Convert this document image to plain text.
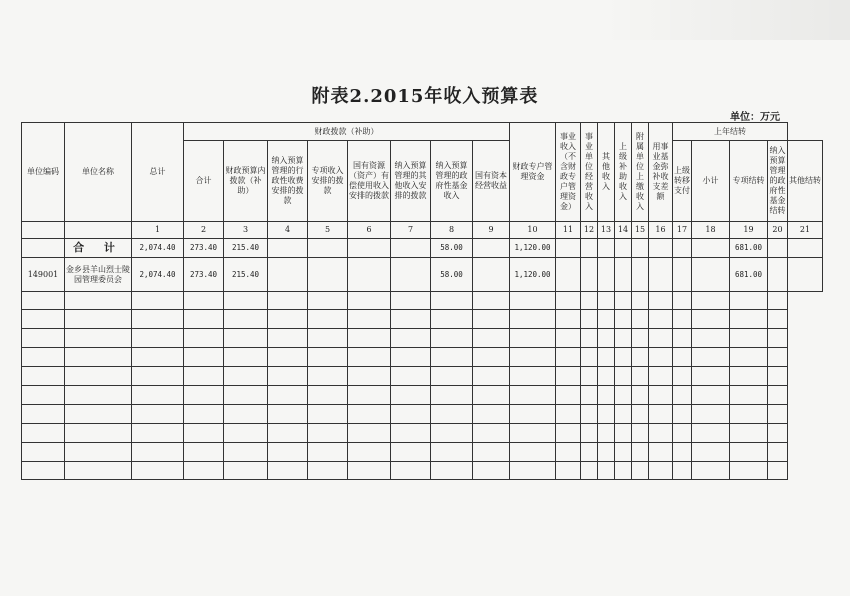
附表2.2015年收入预算表
单位：万元
单位编码	单位名称	总计	财政拨款（补助）								财政专户管理资金	事业收入（不含财政专户管理资金）	事业单位经营收入	其他收入	上级补助收入	附属单位上缴收入	用事业基金弥补收支差额	上年结转				
			合计	财政预算内拨款（补助）	纳入预算管理的行政性收费安排的拨款	专项收入安排的拨款	国有资源（资产）有偿使用收入安排的拨款	纳入预算管理的其他收入安排的拨款	纳入预算管理的政府性基金收入	国有资本经营收益								上级转移支付	小计	专项结转	纳入预算管理的政府性基金结转	其他结转
		1	2	3	4	5	6	7	8	9	10	11	12	13	14	15	16	17	18	19	20	21
	合 计	2,074.40	273.40	215.40					58.00		1,120.00									681.00		
149001	金乡县羊山烈士陵园管理委员会	2,074.40	273.40	215.40					58.00		1,120.00									681.00		
